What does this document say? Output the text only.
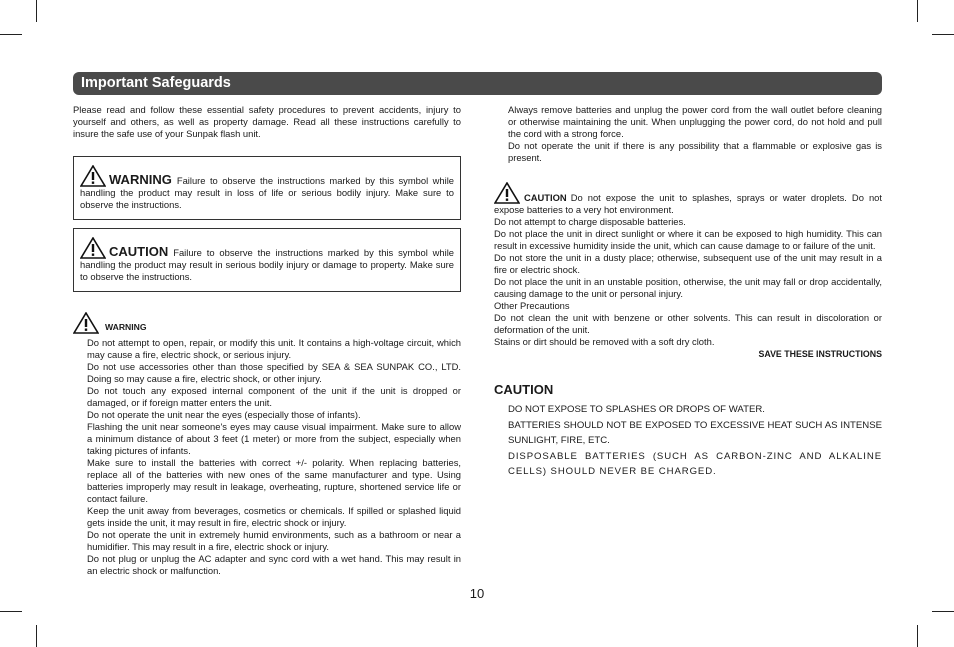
Important Safeguards

Please read and follow these essential safety procedures to prevent accidents, injury to yourself and others, as well as property damage. Read all these instructions carefully to insure the safe use of your Sunpak flash unit.

WARNING Failure to observe the instructions marked by this symbol while handling the product may result in loss of life or serious bodily injury. Make sure to observe the instructions.
CAUTION Failure to observe the instructions marked by this symbol while handling the product may result in serious bodily injury or damage to property. Make sure to observe the instructions.
WARNING

Do not attempt to open, repair, or modify this unit. It contains a high-voltage circuit, which may cause a fire, electric shock, or serious injury.

Do not use accessories other than those specified by SEA & SEA SUNPAK CO., LTD. Doing so may cause a fire, electric shock, or other injury.

Do not touch any exposed internal component of the unit if the unit is dropped or damaged, or if foreign matter enters the unit.

Do not operate the unit near the eyes (especially those of infants).

Flashing the unit near someone's eyes may cause visual impairment. Make sure to allow a minimum distance of about 3 feet (1 meter) or more from the subject, especially when taking pictures of infants.

Make sure to install the batteries with correct +/- polarity. When replacing batteries, replace all of the batteries with new ones of the same manufacturer and type. Using batteries improperly may result in leakage, overheating, rupture, shortened service life or contact failure.

Keep the unit away from beverages, cosmetics or chemicals. If spilled or splashed liquid gets inside the unit, it may result in fire, electric shock or injury.

Do not operate the unit in extremely humid environments, such as a bathroom or near a humidifier. This may result in a fire, electric shock or injury.

Do not plug or unplug the AC adapter and sync cord with a wet hand. This may result in an electric shock or malfunction.

Always remove batteries and unplug the power cord from the wall outlet before cleaning or otherwise maintaining the unit. When unplugging the power cord, do not hold and pull the cord with a strong force.

Do not operate the unit if there is any possibility that a flammable or explosive gas is present.

CAUTION Do not expose the unit to splashes, sprays or water droplets. Do not expose batteries to a very hot environment.

Do not attempt to charge disposable batteries.

Do not place the unit in direct sunlight or where it can be exposed to high humidity. This can result in excessive humidity inside the unit, which can cause damage to or failure of the unit.

Do not store the unit in a dusty place; otherwise, subsequent use of the unit may result in a fire or electric shock.

Do not place the unit in an unstable position, otherwise, the unit may fall or drop accidentally, causing damage to the unit or personal injury.

Other Precautions

Do not clean the unit with benzene or other solvents. This can result in discoloration or deformation of the unit.

Stains or dirt should be removed with a soft dry cloth.

SAVE THESE INSTRUCTIONS

CAUTION

DO NOT EXPOSE TO SPLASHES OR DROPS OF WATER.

BATTERIES SHOULD NOT BE EXPOSED TO EXCESSIVE HEAT SUCH AS INTENSE SUNLIGHT, FIRE, ETC.

DISPOSABLE BATTERIES (SUCH AS CARBON-ZINC AND ALKALINE CELLS) SHOULD NEVER BE CHARGED.

10
